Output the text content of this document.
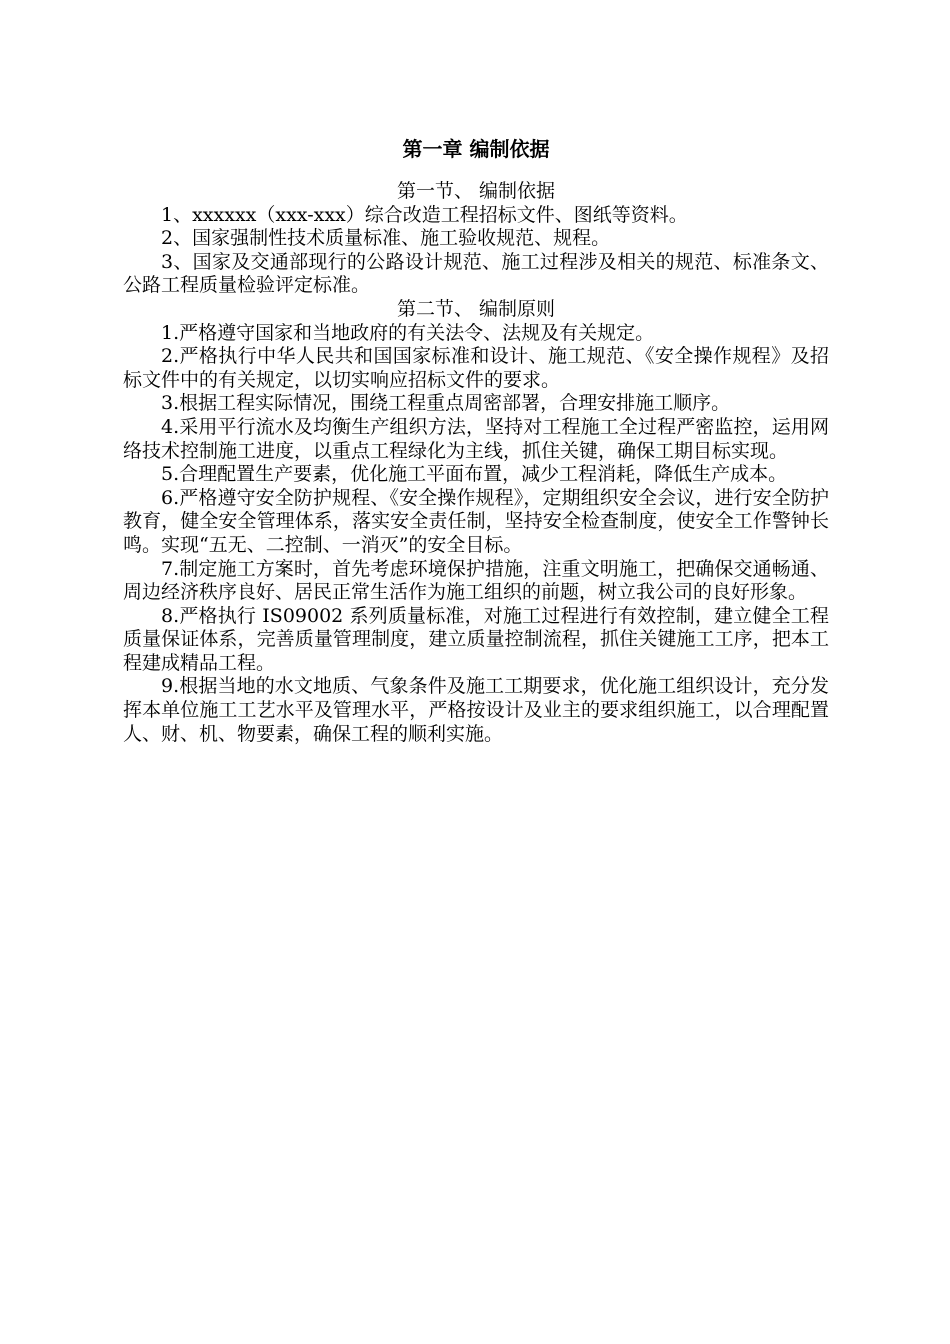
第一章 编制依据
第一节、 编制依据

1、xxxxxx（xxx-xxx）综合改造工程招标文件、图纸等资料。

2、国家强制性技术质量标准、施工验收规范、规程。

3、国家及交通部现行的公路设计规范、施工过程涉及相关的规范、标准条文、公路工程质量检验评定标准。

第二节、 编制原则

1.严格遵守国家和当地政府的有关法令、法规及有关规定。

2.严格执行中华人民共和国国家标准和设计、施工规范、《安全操作规程》及招标文件中的有关规定，以切实响应招标文件的要求。

3.根据工程实际情况，围绕工程重点周密部署，合理安排施工顺序。

4.采用平行流水及均衡生产组织方法，坚持对工程施工全过程严密监控，运用网络技术控制施工进度，以重点工程绿化为主线，抓住关键，确保工期目标实现。

5.合理配置生产要素，优化施工平面布置，减少工程消耗，降低生产成本。

6.严格遵守安全防护规程、《安全操作规程》，定期组织安全会议，进行安全防护教育，健全安全管理体系，落实安全责任制，坚持安全检查制度，使安全工作警钟长鸣。实现“五无、二控制、一消灭”的安全目标。

7.制定施工方案时，首先考虑环境保护措施，注重文明施工，把确保交通畅通、周边经济秩序良好、居民正常生活作为施工组织的前题，树立我公司的良好形象。

8.严格执行 IS09002 系列质量标准，对施工过程进行有效控制，建立健全工程质量保证体系，完善质量管理制度，建立质量控制流程，抓住关键施工工序，把本工程建成精品工程。

9.根据当地的水文地质、气象条件及施工工期要求，优化施工组织设计，充分发挥本单位施工工艺水平及管理水平，严格按设计及业主的要求组织施工，以合理配置人、财、机、物要素，确保工程的顺利实施。
